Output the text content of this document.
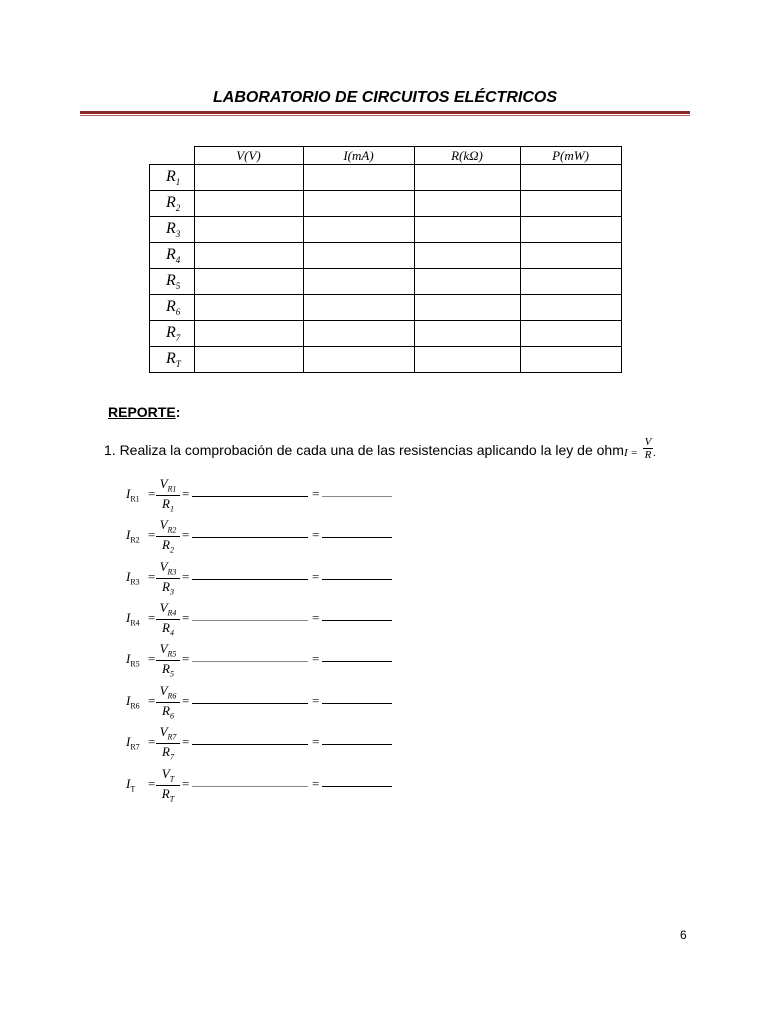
LABORATORIO DE CIRCUITOS ELÉCTRICOS
	V(V)	I(mA)	R(kΩ)	P(mW)
$R_1$				
$R_2$				
$R_3$				
$R_4$				
$R_5$				
$R_6$				
$R_7$				
$R_T$				
REPORTE:
1. Realiza la comprobación de cada una de las resistencias aplicando la ley de ohm $I = \frac{V}{R}$ .
$I_{R1} = \frac{V_{R1}}{R_1}$ =	=
$I_{R2} = \frac{V_{R2}}{R_2}$ =	=
$I_{R3} = \frac{V_{R3}}{R_3}$ =	=
$I_{R4} = \frac{V_{R4}}{R_4}$ =	=
$I_{R5} = \frac{V_{R5}}{R_5}$ =	=
$I_{R6} = \frac{V_{R6}}{R_6}$ =	=
$I_{R7} = \frac{V_{R7}}{R_7}$ =	=
$I_T = \frac{V_T}{R_T}$ =	=
6
